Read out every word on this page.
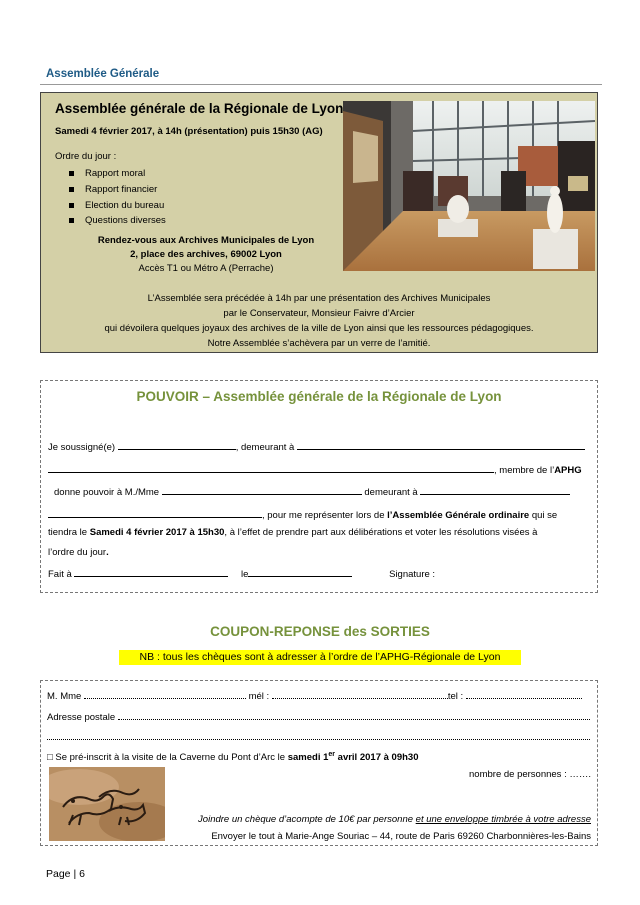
Assemblée Générale
Assemblée générale de la Régionale de Lyon
Samedi 4 février 2017, à 14h (présentation) puis 15h30 (AG)
Ordre du jour :
Rapport moral
Rapport financier
Election du bureau
Questions diverses
Rendez-vous aux Archives Municipales de Lyon
2, place des archives, 69002 Lyon
Accès T1 ou Métro A (Perrache)
L’Assemblée sera précédée à 14h par une présentation des Archives Municipales
par le Conservateur, Monsieur Faivre d’Arcier
qui dévoilera quelques joyaux des archives de la ville de Lyon ainsi que les ressources pédagogiques.
Notre Assemblée s’achèvera par un verre de l’amitié.
POUVOIR – Assemblée générale de la Régionale de Lyon
Je soussigné(e)	, demeurant à
, membre de l’APHG
donne pouvoir à M./Mme	demeurant à
, pour me représenter lors de l’Assemblée Générale ordinaire qui se
tiendra le Samedi 4 février 2017 à 15h30, à l’effet de prendre part aux délibérations et voter les résolutions visées à
l’ordre du jour.
Fait à	le	Signature :
COUPON-REPONSE des SORTIES
NB : tous les chèques sont à adresser à l’ordre de l’APHG-Régionale de Lyon
M. Mme	mél :	tel :
Adresse postale
□ Se pré-inscrit à la visite de la Caverne du Pont d’Arc le samedi 1er avril 2017 à 09h30
nombre de personnes : …….
Joindre un chèque d’acompte de 10€ par personne et une enveloppe timbrée à votre adresse
Envoyer le tout à Marie-Ange Souriac – 44, route de Paris 69260 Charbonnières-les-Bains
Page | 6
